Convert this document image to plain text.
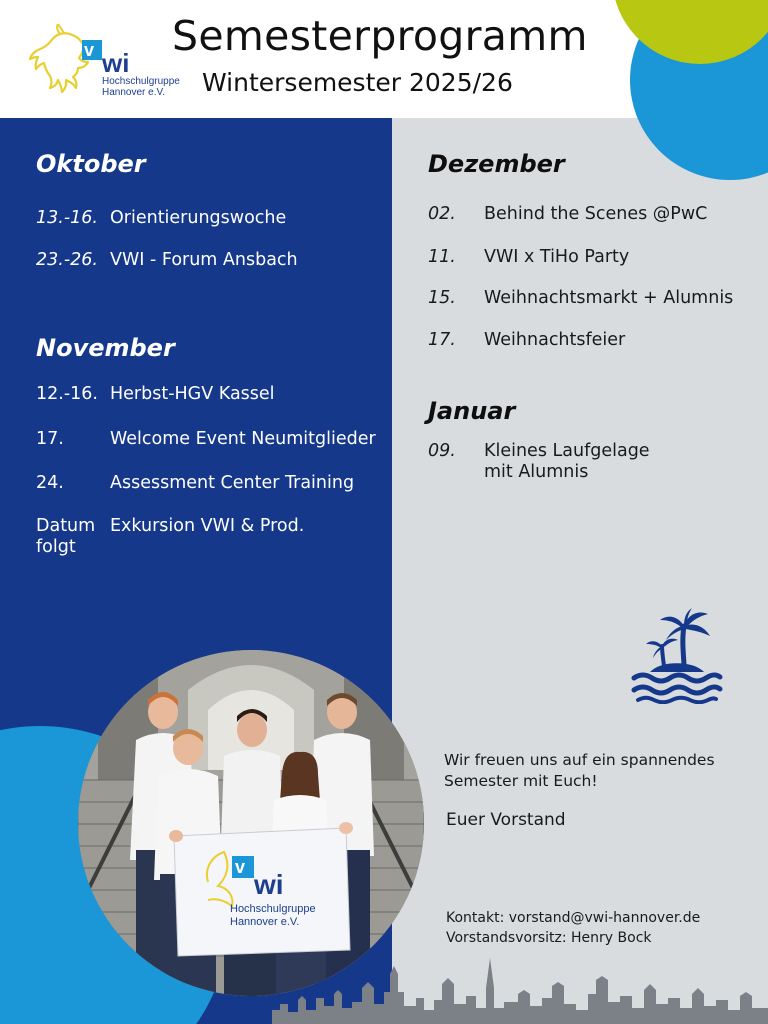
v wi
Hochschulgruppe
Hannover e.V.
Semesterprogramm
Wintersemester 2025/26
Oktober
13.-16. Orientierungswoche
23.-26. VWI - Forum Ansbach
November
12.-16. Herbst-HGV Kassel
17.	Welcome Event Neumitglieder
24.	Assessment Center Training
Datum
folgt
Exkursion VWI & Prod.
Dezember
02. Behind the Scenes @PwC
11. VWI x TiHo Party
15. Weihnachtsmarkt + Alumnis
17. Weihnachtsfeier
Januar
09. Kleines Laufgelage
mit Alumnis
v
wi
Hochschulgruppe
Hannover e.V.
Wir freuen uns auf ein spannendes
Semester mit Euch!
Euer Vorstand
Kontakt: vorstand@vwi-hannover.de
Vorstandsvorsitz: Henry Bock
